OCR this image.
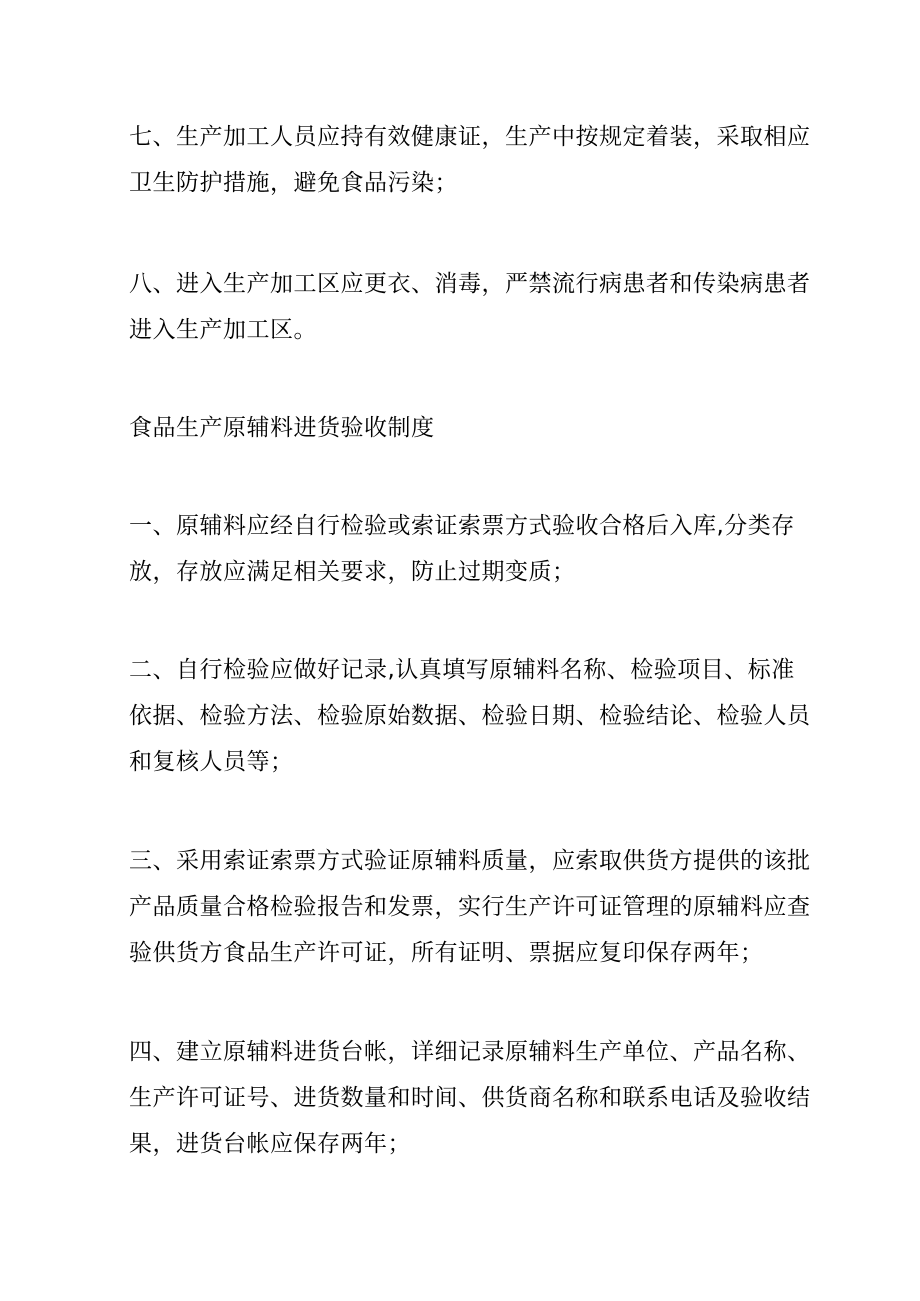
七、生产加工人员应持有效健康证，生产中按规定着装，采取相应
卫生防护措施，避免食品污染；

八、进入生产加工区应更衣、消毒，严禁流行病患者和传染病患者
进入生产加工区。

食品生产原辅料进货验收制度

一、原辅料应经自行检验或索证索票方式验收合格后入库,分类存
放，存放应满足相关要求，防止过期变质；

二、自行检验应做好记录,认真填写原辅料名称、检验项目、标准
依据、检验方法、检验原始数据、检验日期、检验结论、检验人员
和复核人员等；

三、采用索证索票方式验证原辅料质量，应索取供货方提供的该批
产品质量合格检验报告和发票，实行生产许可证管理的原辅料应查
验供货方食品生产许可证，所有证明、票据应复印保存两年；

四、建立原辅料进货台帐，详细记录原辅料生产单位、产品名称、
生产许可证号、进货数量和时间、供货商名称和联系电话及验收结
果，进货台帐应保存两年；
